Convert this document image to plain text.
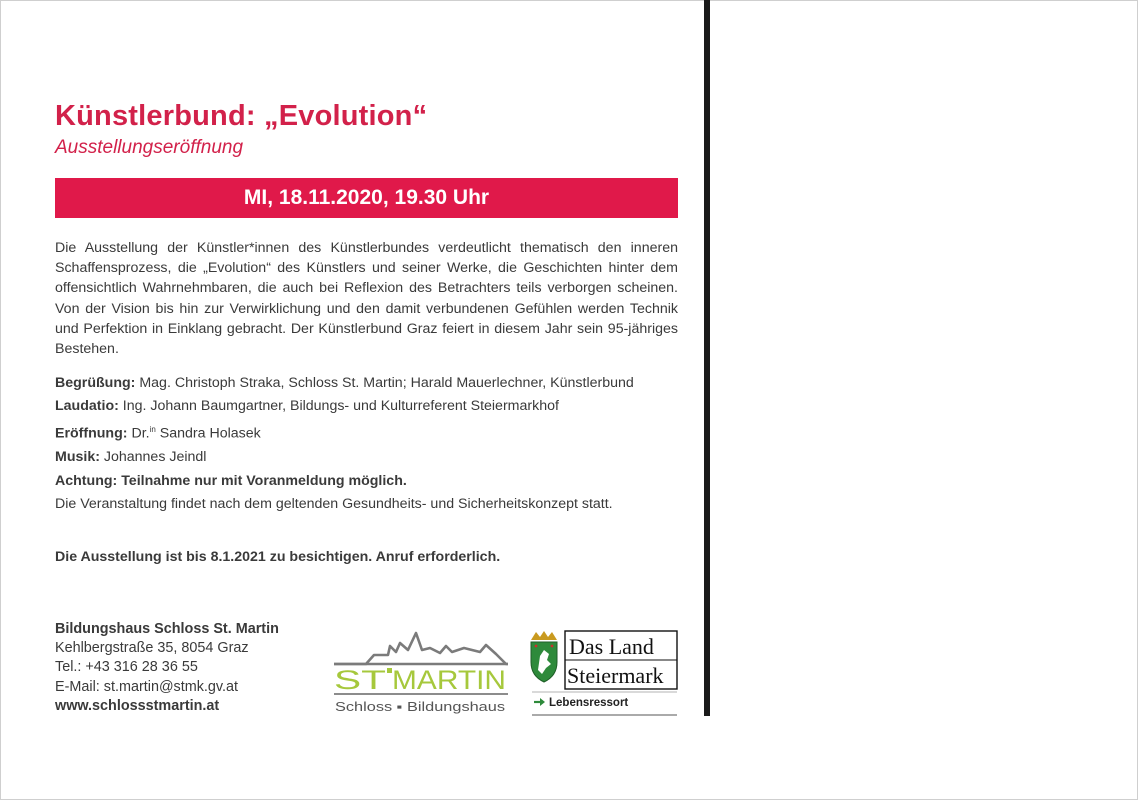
Künstlerbund: „Evolution“
Ausstellungseröffnung
MI, 18.11.2020, 19.30 Uhr

Die Ausstellung der Künstler*innen des Künstlerbundes verdeutlicht thematisch den inneren Schaffensprozess, die „Evolution“ des Künstlers und seiner Werke, die Geschichten hinter dem offensichtlich Wahrnehmbaren, die auch bei Reflexion des Betrachters teils verborgen scheinen. Von der Vision bis hin zur Verwirklichung und den damit verbundenen Gefühlen werden Technik und Perfektion in Einklang gebracht. Der Künstlerbund Graz feiert in diesem Jahr sein 95-jähriges Bestehen.

Begrüßung: Mag. Christoph Straka, Schloss St. Martin; Harald Mauerlechner, Künstlerbund
Laudatio: Ing. Johann Baumgartner, Bildungs- und Kulturreferent Steiermarkhof
Eröffnung: Dr.$^{in}$ Sandra Holasek
Musik: Johannes Jeindl
Achtung: Teilnahme nur mit Voranmeldung möglich.
Die Veranstaltung findet nach dem geltenden Gesundheits- und Sicherheitskonzept statt.
Die Ausstellung ist bis 8.1.2021 zu besichtigen. Anruf erforderlich.
Bildungshaus Schloss St. Martin
Kehlbergstraße 35, 8054 Graz
Tel.: +43 316 28 36 55
E-Mail: st.martin@stmk.gv.at
www.schlossstmartin.at
ST MARTIN
Schloss ▪ Bildungshaus
Das Land
Steiermark
Lebensressort
